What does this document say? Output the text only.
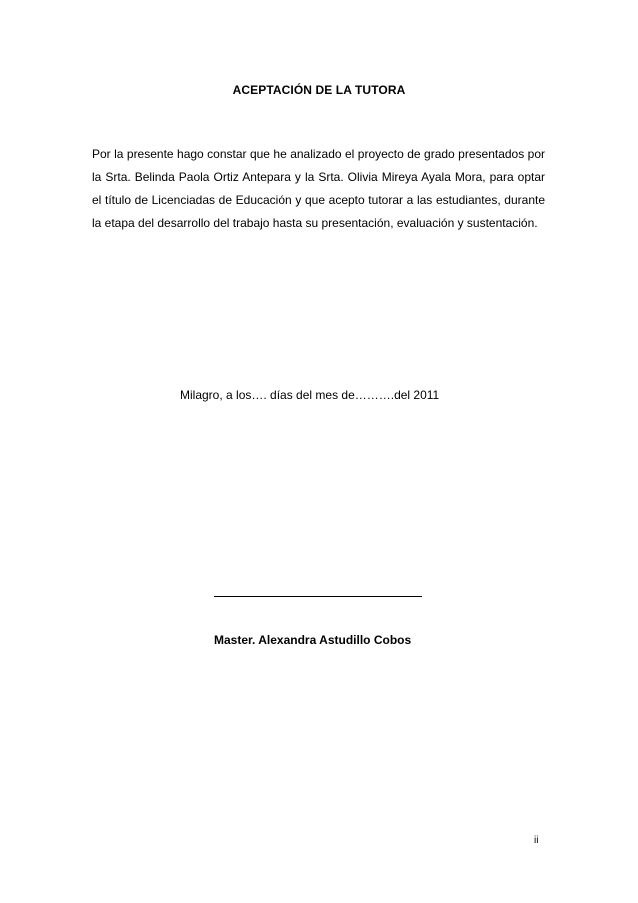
ACEPTACIÓN DE LA TUTORA
Por la presente hago constar que he analizado el proyecto de grado presentados por la Srta. Belinda Paola Ortiz Antepara y la Srta. Olivia Mireya Ayala Mora, para optar el título de Licenciadas de Educación y que acepto tutorar a las estudiantes, durante la etapa del desarrollo del trabajo hasta su presentación, evaluación y sustentación.
Milagro, a los…. días del mes de……….del 2011
Master. Alexandra Astudillo Cobos
ii
